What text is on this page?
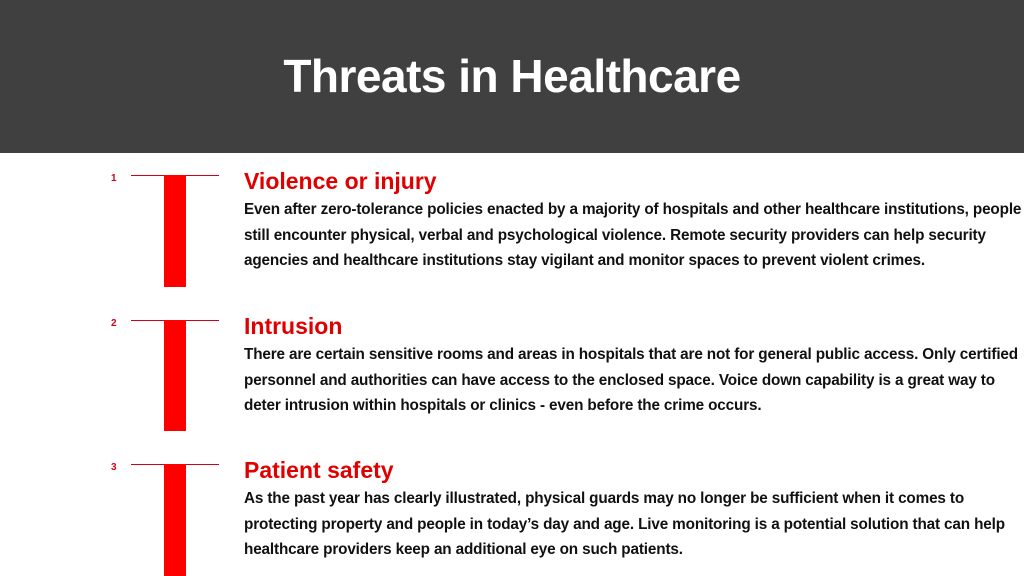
Threats in Healthcare
1	Violence or injury
Even after zero-tolerance policies enacted by a majority of hospitals and other healthcare institutions, people still encounter physical, verbal and psychological violence. Remote security providers can help security agencies and healthcare institutions stay vigilant and monitor spaces to prevent violent crimes.
2	Intrusion
There are certain sensitive rooms and areas in hospitals that are not for general public access. Only certified personnel and authorities can have access to the enclosed space. Voice down capability is a great way to deter intrusion within hospitals or clinics - even before the crime occurs.
3	Patient safety
As the past year has clearly illustrated, physical guards may no longer be sufficient when it comes to protecting property and people in today’s day and age. Live monitoring is a potential solution that can help healthcare providers keep an additional eye on such patients.
